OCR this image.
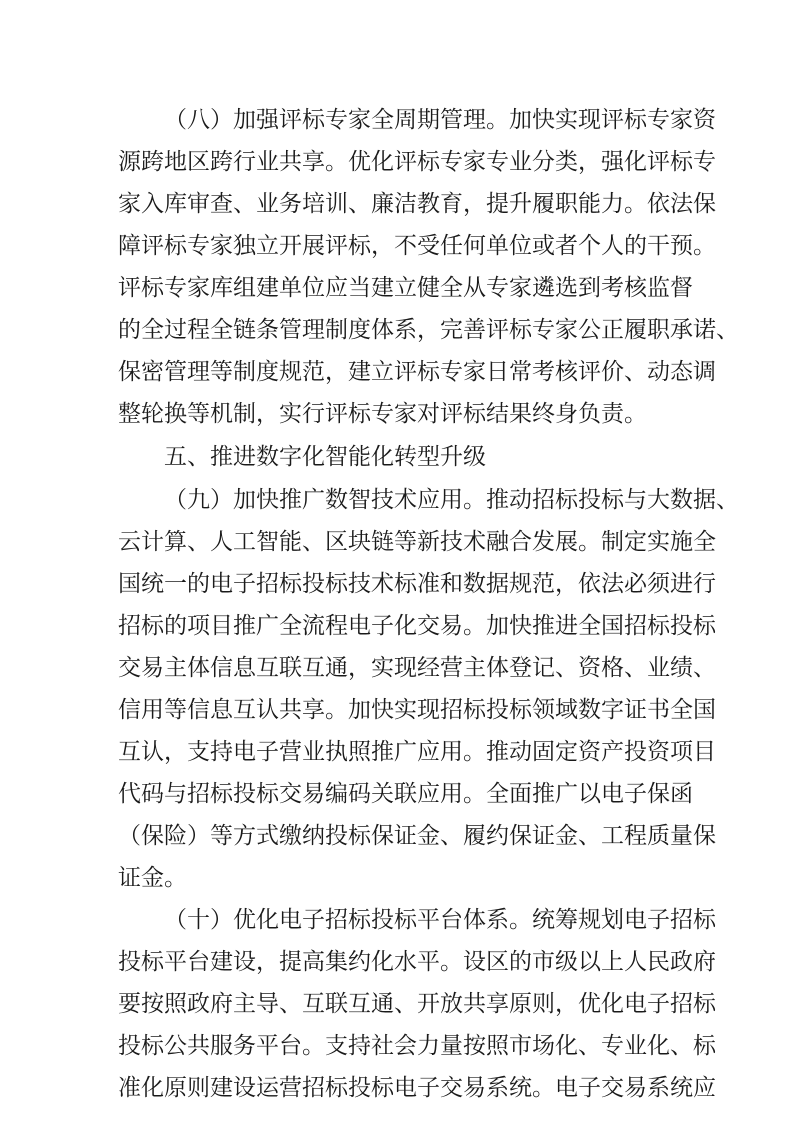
（八）加强评标专家全周期管理。加快实现评标专家资
源跨地区跨行业共享。优化评标专家专业分类，强化评标专
家入库审查、业务培训、廉洁教育，提升履职能力。依法保
障评标专家独立开展评标，不受任何单位或者个人的干预。
评标专家库组建单位应当建立健全从专家遴选到考核监督
的全过程全链条管理制度体系，完善评标专家公正履职承诺、
保密管理等制度规范，建立评标专家日常考核评价、动态调
整轮换等机制，实行评标专家对评标结果终身负责。
五、推进数字化智能化转型升级
（九）加快推广数智技术应用。推动招标投标与大数据、
云计算、人工智能、区块链等新技术融合发展。制定实施全
国统一的电子招标投标技术标准和数据规范，依法必须进行
招标的项目推广全流程电子化交易。加快推进全国招标投标
交易主体信息互联互通，实现经营主体登记、资格、业绩、
信用等信息互认共享。加快实现招标投标领域数字证书全国
互认，支持电子营业执照推广应用。推动固定资产投资项目
代码与招标投标交易编码关联应用。全面推广以电子保函
（保险）等方式缴纳投标保证金、履约保证金、工程质量保
证金。
（十）优化电子招标投标平台体系。统筹规划电子招标
投标平台建设，提高集约化水平。设区的市级以上人民政府
要按照政府主导、互联互通、开放共享原则，优化电子招标
投标公共服务平台。支持社会力量按照市场化、专业化、标
准化原则建设运营招标投标电子交易系统。电子交易系统应
